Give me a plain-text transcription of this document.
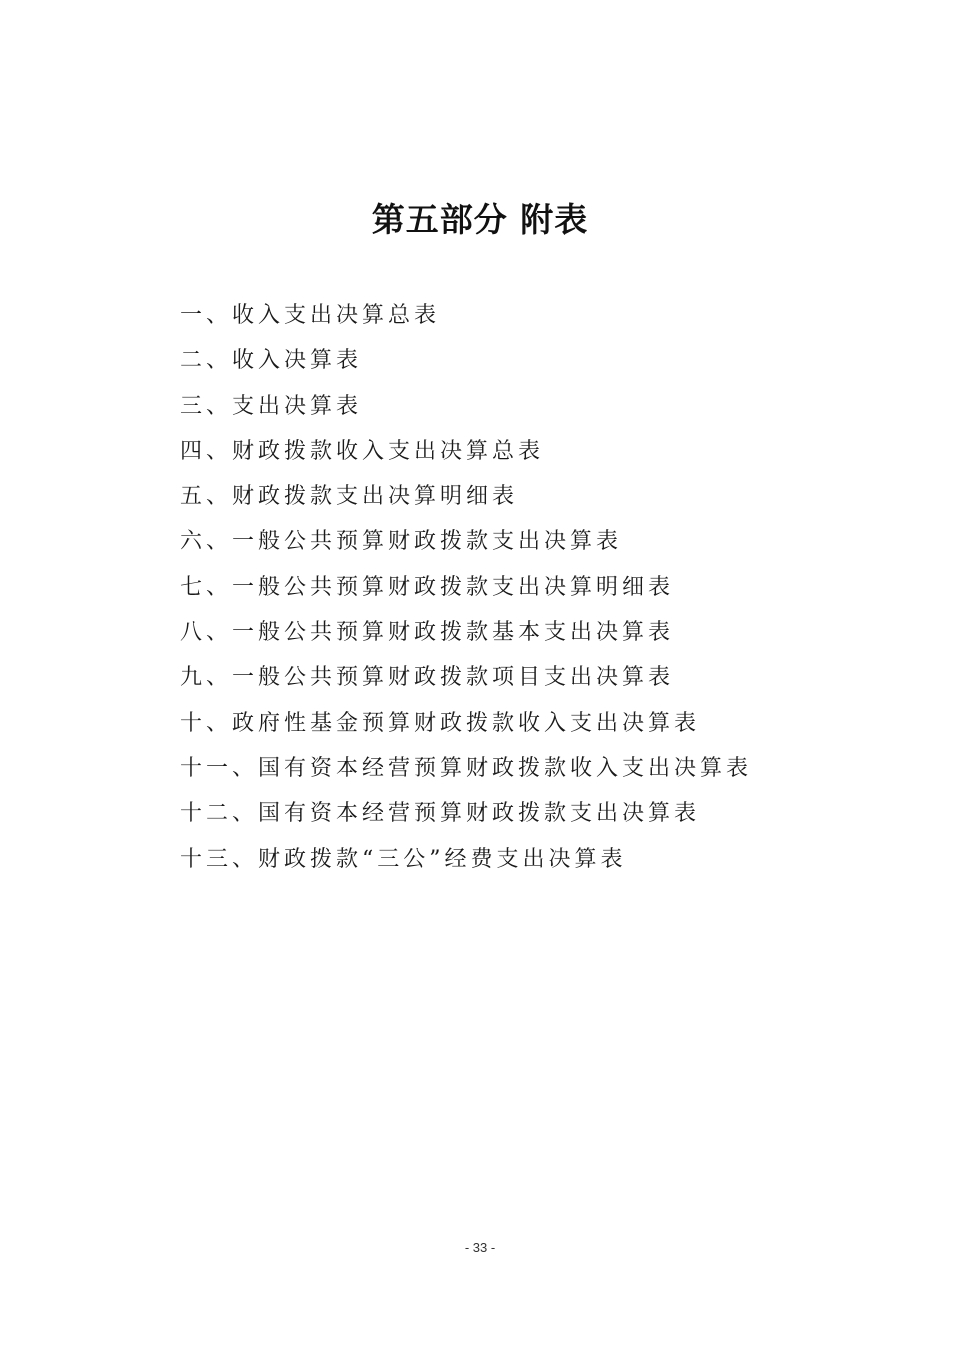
第五部分 附表
一、收入支出决算总表
二、收入决算表
三、支出决算表
四、财政拨款收入支出决算总表
五、财政拨款支出决算明细表
六、一般公共预算财政拨款支出决算表
七、一般公共预算财政拨款支出决算明细表
八、一般公共预算财政拨款基本支出决算表
九、一般公共预算财政拨款项目支出决算表
十、政府性基金预算财政拨款收入支出决算表
十一、国有资本经营预算财政拨款收入支出决算表
十二、国有资本经营预算财政拨款支出决算表
十三、财政拨款“三公”经费支出决算表
- 33 -
